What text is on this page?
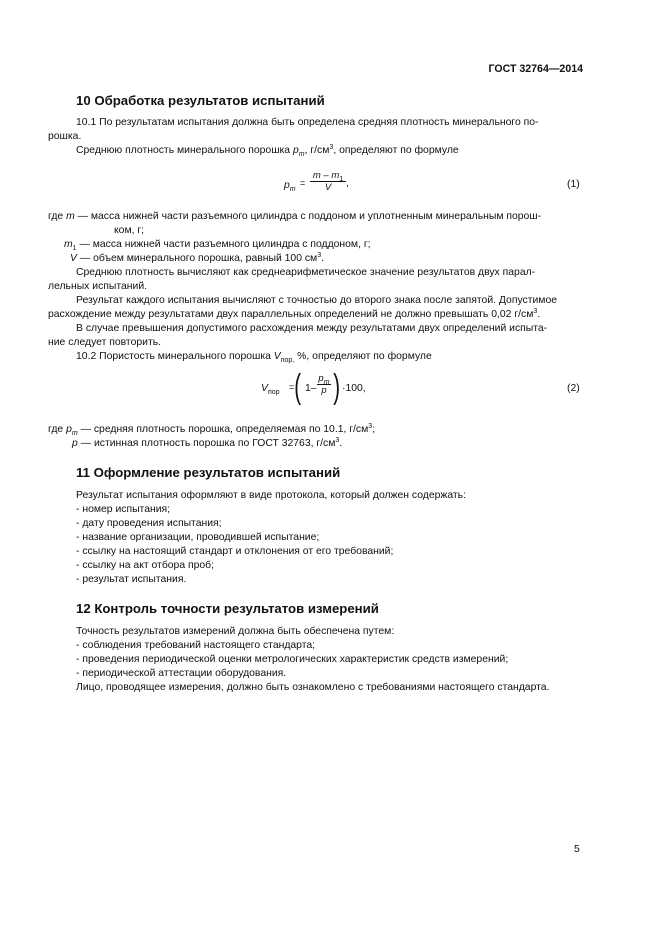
ГОСТ 32764—2014
10 Обработка результатов испытаний
10.1 По результатам испытания должна быть определена средняя плотность минерального по-
рошка.
Среднюю плотность минерального порошка $p_m$, $г/см^3$, определяют по формуле
$p_m$
= $\frac{m - m_1}{V}$ ,	(1)
где m — масса нижней части разъемного цилиндра с поддоном и уплотненным минеральным порош-
ком, г;
$m_1$ — масса нижней части разъемного цилиндра с поддоном, г;
V — объем минерального порошка, равный 100 $см^3$.
Среднюю плотность вычисляют как среднеарифметическое значение результатов двух парал-
лельных испытаний.
Результат каждого испытания вычисляют с точностью до второго знака после запятой. Допустимое
расхождение между результатами двух параллельных определений не должно превышать 0,02 $г/см^3$.
В случае превышения допустимого расхождения между результатами двух определений испыта-
ние следует повторить.
10.2 Пористость минерального порошка $V_{пор,}$ %, определяют по формуле
$V_{пор}$
= ( $1- \frac{p_m}{p}$ ) ·100,	(2)
где $p_m$ — средняя плотность порошка, определяемая по 10.1, $г/см^3$;
p — истинная плотность порошка по ГОСТ 32763, $г/см^3$.
11 Оформление результатов испытаний
Результат испытания оформляют в виде протокола, который должен содержать:
- номер испытания;
- дату проведения испытания;
- название организации, проводившей испытание;
- ссылку на настоящий стандарт и отклонения от его требований;
- ссылку на акт отбора проб;
- результат испытания.
12 Контроль точности результатов измерений
Точность результатов измерений должна быть обеспечена путем:
- соблюдения требований настоящего стандарта;
- проведения периодической оценки метрологических характеристик средств измерений;
- периодической аттестации оборудования.
Лицо, проводящее измерения, должно быть ознакомлено с требованиями настоящего стандарта.
5
